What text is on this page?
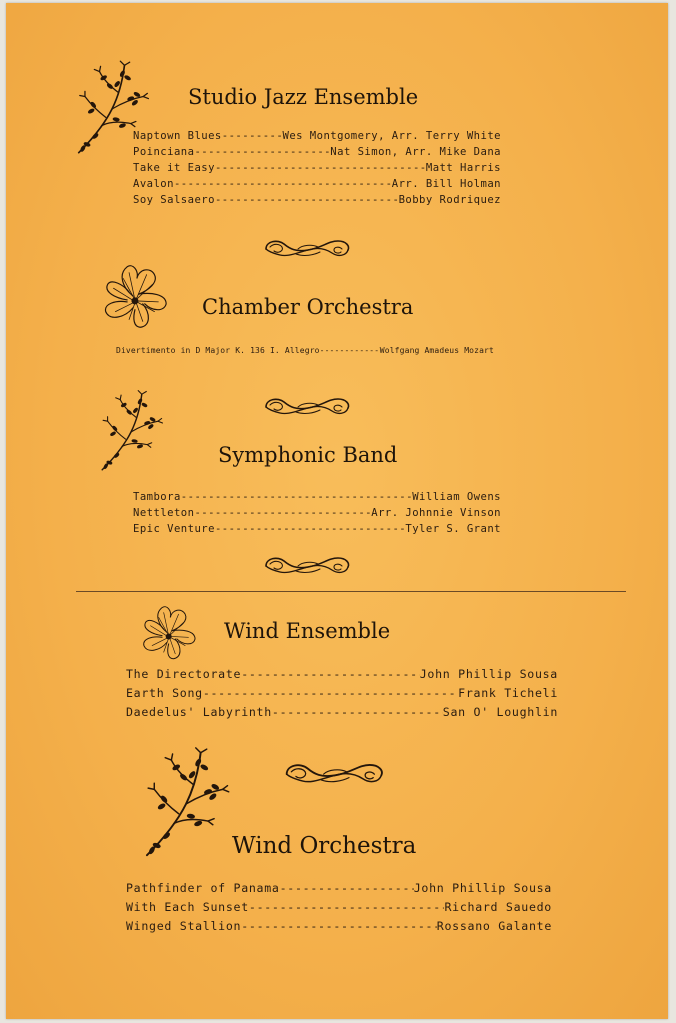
Studio Jazz Ensemble
Naptown Blues -----	Wes Montgomery, Arr. Terry White
Poinciana -----	Nat Simon, Arr. Mike Dana
Take it Easy -----	Matt Harris
Avalon -----	Arr. Bill Holman
Soy Salsaero -----	Bobby Rodriquez
Chamber Orchestra
Divertimento in D Major K. 136 I. Allegro -----	Wolfgang Amadeus Mozart
Symphonic Band
Tambora -----	William Owens
Nettleton -----	Arr. Johnnie Vinson
Epic Venture -----	Tyler S. Grant
Wind Ensemble
The Directorate -----	John Phillip Sousa
Earth Song -----	Frank Ticheli
Daedelus' Labyrinth -----	San O' Loughlin
Wind Orchestra
Pathfinder of Panama -----	John Phillip Sousa
With Each Sunset -----	Richard Sauedo
Winged Stallion -----	Rossano Galante
